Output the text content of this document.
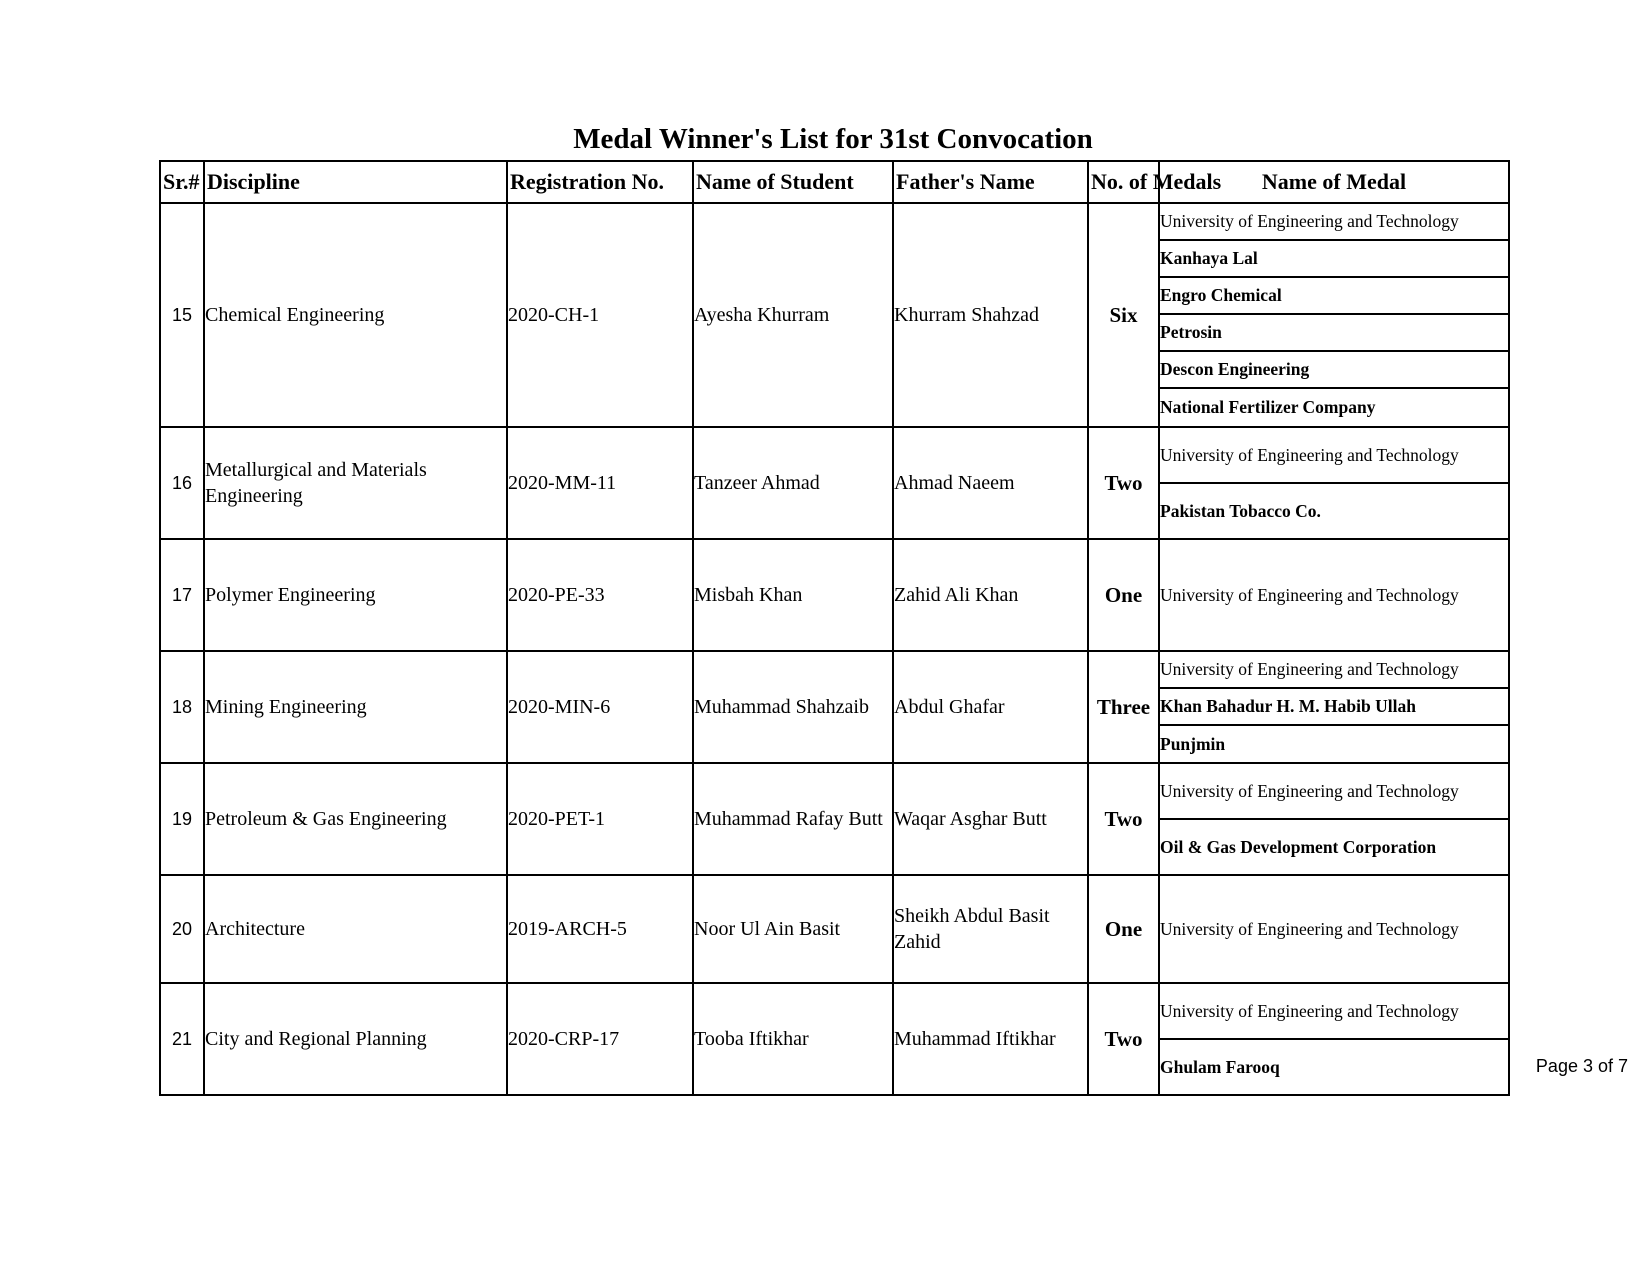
Medal Winner's List for 31st Convocation
Sr.#	Discipline	Registration No.	Name of Student	Father's Name	No. of Medals	Name of Medal
15	Chemical Engineering	2020-CH-1	Ayesha Khurram	Khurram Shahzad	Six	University of Engineering and Technology
						Kanhaya Lal
						Engro Chemical
						Petrosin
						Descon Engineering
						National Fertilizer Company
16	Metallurgical and Materials Engineering	2020-MM-11	Tanzeer Ahmad	Ahmad Naeem	Two	University of Engineering and Technology
						Pakistan Tobacco Co.
17	Polymer Engineering	2020-PE-33	Misbah Khan	Zahid Ali Khan	One	University of Engineering and Technology
18	Mining Engineering	2020-MIN-6	Muhammad Shahzaib	Abdul Ghafar	Three	University of Engineering and Technology
						Khan Bahadur H. M. Habib Ullah
						Punjmin
19	Petroleum & Gas Engineering	2020-PET-1	Muhammad Rafay Butt	Waqar Asghar Butt	Two	University of Engineering and Technology
						Oil & Gas Development Corporation
20	Architecture	2019-ARCH-5	Noor Ul Ain Basit	Sheikh Abdul Basit Zahid	One	University of Engineering and Technology
21	City and Regional Planning	2020-CRP-17	Tooba Iftikhar	Muhammad Iftikhar	Two	University of Engineering and Technology
						Ghulam Farooq	Page 3 of 7
